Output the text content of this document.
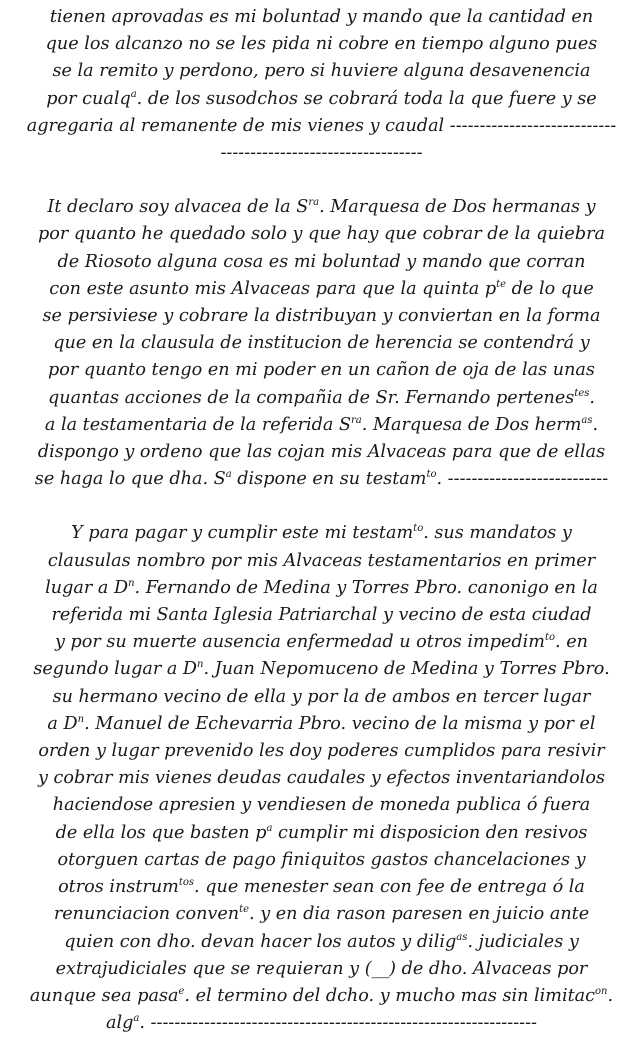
tienen aprovadas es mi boluntad y mando que la cantidad en
que los alcanzo no se les pida ni cobre en tiempo alguno pues
se la remito y perdono, pero si huviere alguna desavenencia
por cualq$^a$. de los susodchos se cobrará toda la que fuere y se
agregaria al remanente de mis vienes y caudal ----------------------------
----------------------------------
It declaro soy alvacea de la $S^{ra}$. Marquesa de Dos hermanas y
por quanto he quedado solo y que hay que cobrar de la quiebra
de Riosoto alguna cosa es mi boluntad y mando que corran
con este asunto mis Alvaceas para que la quinta $p^{te}$ de lo que
se persiviese y cobrare la distribuyan y conviertan en la forma
que en la clausula de institucion de herencia se contendrá y
por quanto tengo en mi poder en un cañon de oja de las unas
quantas acciones de la compañia de Sr. Fernando pertenes$^{tes}$.
a la testamentaria de la referida $S^{ra}$. Marquesa de Dos herm$^{as}$.
dispongo y ordeno que las cojan mis Alvaceas para que de ellas
se haga lo que dha. $S^a$ dispone en su testam$^{to}$. ---------------------------
Y para pagar y cumplir este mi testam$^{to}$. sus mandatos y
clausulas nombro por mis Alvaceas testamentarios en primer
lugar a $D^n$. Fernando de Medina y Torres Pbro. canonigo en la
referida mi Santa Iglesia Patriarchal y vecino de esta ciudad
y por su muerte ausencia enfermedad u otros impedim$^{to}$. en
segundo lugar a $D^n$. Juan Nepomuceno de Medina y Torres Pbro.
su hermano vecino de ella y por la de ambos en tercer lugar
a $D^n$. Manuel de Echevarria Pbro. vecino de la misma y por el
orden y lugar prevenido les doy poderes cumplidos para resivir
y cobrar mis vienes deudas caudales y efectos inventariandolos
haciendose apresien y vendiesen de moneda publica ó fuera
de ella los que basten $p^a$ cumplir mi disposicion den resivos
otorguen cartas de pago finiquitos gastos chancelaciones y
otros instrum$^{tos}$. que menester sean con fee de entrega ó la
renunciacion conven$^{te}$. y en dia rason paresen en juicio ante
quien con dho. devan hacer los autos y dilig$^{as}$. judiciales y
extrajudiciales que se requieran y (__) de dho. Alvaceas por
aunque sea pasa$^e$. el termino del dcho. y mucho mas sin limitac$^{on}$.
alg$^a$. -----------------------------------------------------------------
